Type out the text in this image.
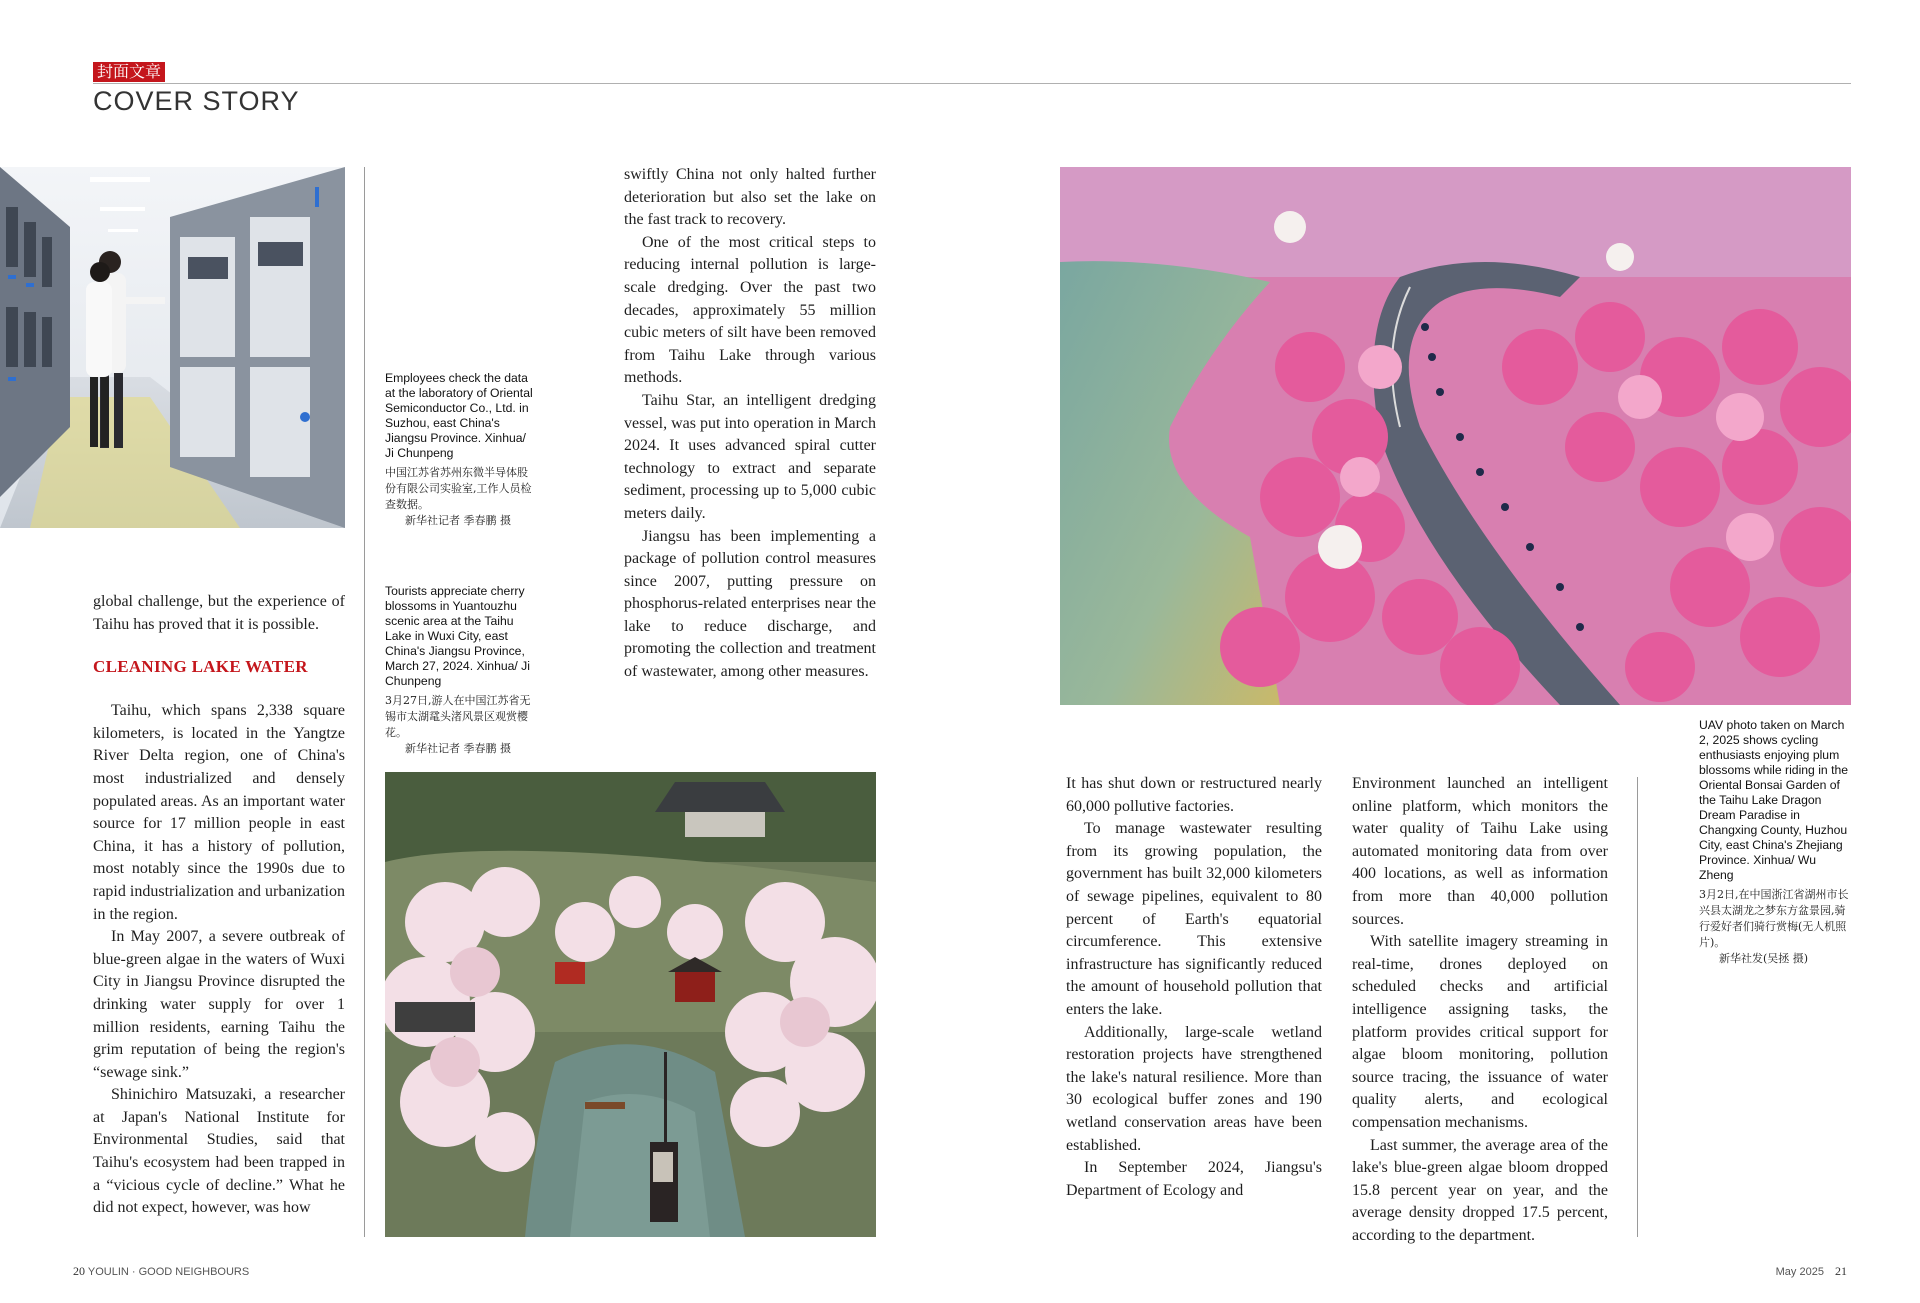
封面文章
COVER STORY
Employees check the data at the laboratory of Oriental Semiconductor Co., Ltd. in Suzhou, east China's Jiangsu Province. Xinhua/ Ji Chunpeng
中国江苏省苏州东微半导体股份有限公司实验室,工作人员检查数据。
新华社记者 季春鹏 摄
Tourists appreciate cherry blossoms in Yuantouzhu scenic area at the Taihu Lake in Wuxi City, east China's Jiangsu Province, March 27, 2024. Xinhua/ Ji Chunpeng
3月27日,游人在中国江苏省无锡市太湖鼋头渚风景区观赏樱花。
新华社记者 季春鹏 摄

global challenge, but the experience of Taihu has proved that it is possible.

CLEANING LAKE WATER

Taihu, which spans 2,338 square kilometers, is located in the Yangtze River Delta region, one of China's most industrialized and densely populated areas. As an important water source for 17 million people in east China, it has a history of pollution, most notably since the 1990s due to rapid industrialization and urbanization in the region.

In May 2007, a severe outbreak of blue-green algae in the waters of Wuxi City in Jiangsu Province disrupted the drinking water supply for over 1 million residents, earning Taihu the grim reputation of being the region's “sewage sink.”

Shinichiro Matsuzaki, a researcher at Japan's National Institute for Environmental Studies, said that Taihu's ecosystem had been trapped in a “vicious cycle of decline.” What he did not expect, however, was how

swiftly China not only halted further deterioration but also set the lake on the fast track to recovery.

One of the most critical steps to reducing internal pollution is large-scale dredging. Over the past two decades, approximately 55 million cubic meters of silt have been removed from Taihu Lake through various methods.

Taihu Star, an intelligent dredging vessel, was put into operation in March 2024. It uses advanced spiral cutter technology to extract and separate sediment, processing up to 5,000 cubic meters daily.

Jiangsu has been implementing a package of pollution control measures since 2007, putting pressure on phosphorus-related enterprises near the lake to reduce discharge, and promoting the collection and treatment of wastewater, among other measures.

UAV photo taken on March 2, 2025 shows cycling enthusiasts enjoying plum blossoms while riding in the Oriental Bonsai Garden of the Taihu Lake Dragon Dream Paradise in Changxing County, Huzhou City, east China's Zhejiang Province. Xinhua/ Wu Zheng
3月2日,在中国浙江省湖州市长兴县太湖龙之梦东方盆景园,骑行爱好者们骑行赏梅(无人机照片)。
新华社发(吴拯 摄)

It has shut down or restructured nearly 60,000 pollutive factories.

To manage wastewater resulting from its growing population, the government has built 32,000 kilometers of sewage pipelines, equivalent to 80 percent of Earth's equatorial circumference. This extensive infrastructure has significantly reduced the amount of household pollution that enters the lake.

Additionally, large-scale wetland restoration projects have strengthened the lake's natural resilience. More than 30 ecological buffer zones and 190 wetland conservation areas have been established.

In September 2024, Jiangsu's Department of Ecology and

Environment launched an intelligent online platform, which monitors the water quality of Taihu Lake using automated monitoring data from over 400 locations, as well as information from more than 40,000 pollution sources.

With satellite imagery streaming in real-time, drones deployed on scheduled checks and artificial intelligence assigning tasks, the platform provides critical support for algae bloom monitoring, pollution source tracing, the issuance of water quality alerts, and ecological compensation mechanisms.

Last summer, the average area of the lake's blue-green algae bloom dropped 15.8 percent year on year, and the average density dropped 17.5 percent, according to the department.

20 YOULIN · GOOD NEIGHBOURS	May 2025 21
